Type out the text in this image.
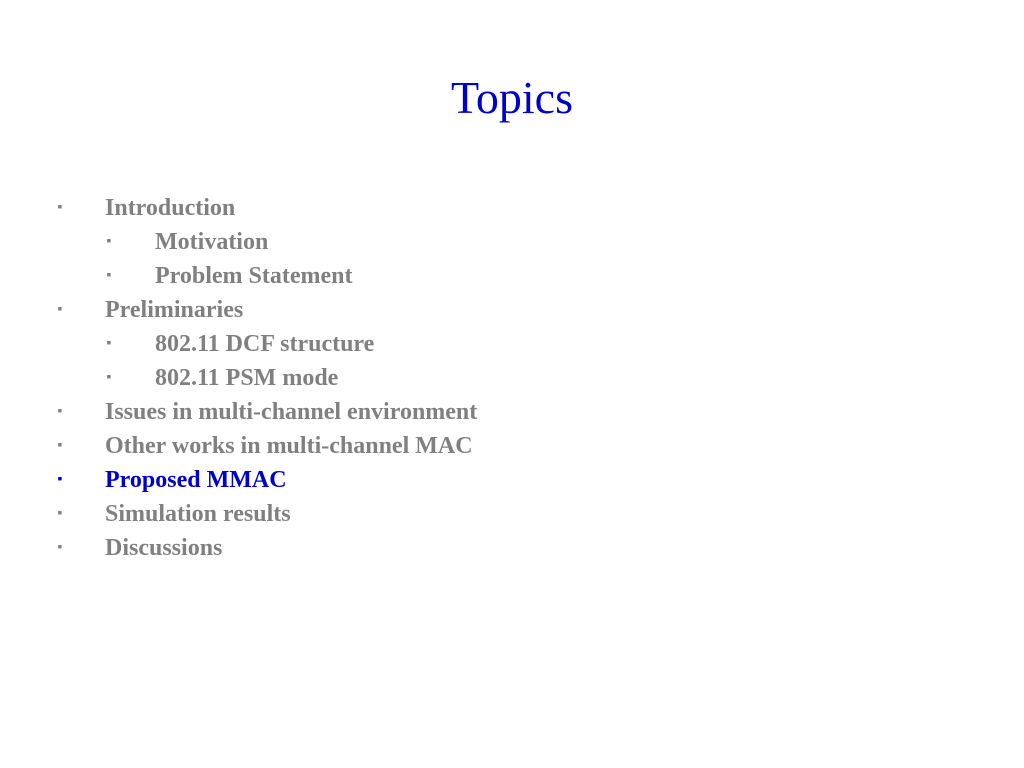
Topics
▪ Introduction
▪ Motivation
▪ Problem Statement
▪ Preliminaries
▪ 802.11 DCF structure
▪ 802.11 PSM mode
▪ Issues in multi-channel environment
▪ Other works in multi-channel MAC
▪ Proposed MMAC
▪ Simulation results
▪ Discussions
